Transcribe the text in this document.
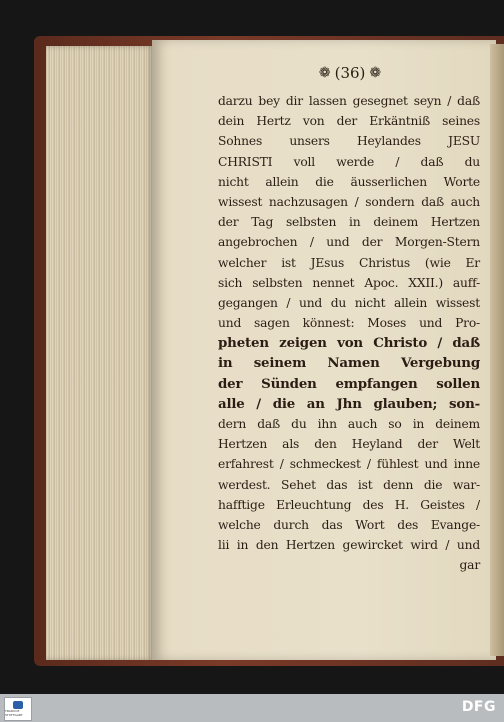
❁ (36) ❁
darzu bey dir lassen gesegnet seyn / daß
dein Hertz von der Erkäntniß seines
Sohnes unsers Heylandes JESU
CHRISTI voll werde / daß du
nicht allein die äusserlichen Worte
wissest nachzusagen / sondern daß auch
der Tag selbsten in deinem Hertzen
angebrochen / und der Morgen-Stern
welcher ist JEsus Christus (wie Er
sich selbsten nennet Apoc. XXII.) auff-
gegangen / und du nicht allein wissest
und sagen könnest: Moses und Pro-
pheten zeigen von Christo / daß
in seinem Namen Vergebung
der Sünden empfangen sollen
alle / die an Jhn glauben; son-
dern daß du ihn auch so in deinem
Hertzen als den Heyland der Welt
erfahrest / schmeckest / fühlest und inne
werdest. Sehet das ist denn die war-
hafftige Erleuchtung des H. Geistes /
welche durch das Wort des Evange-
lii in den Hertzen gewircket wird / und
gar
TRADUCE STUTTGART	DFG
